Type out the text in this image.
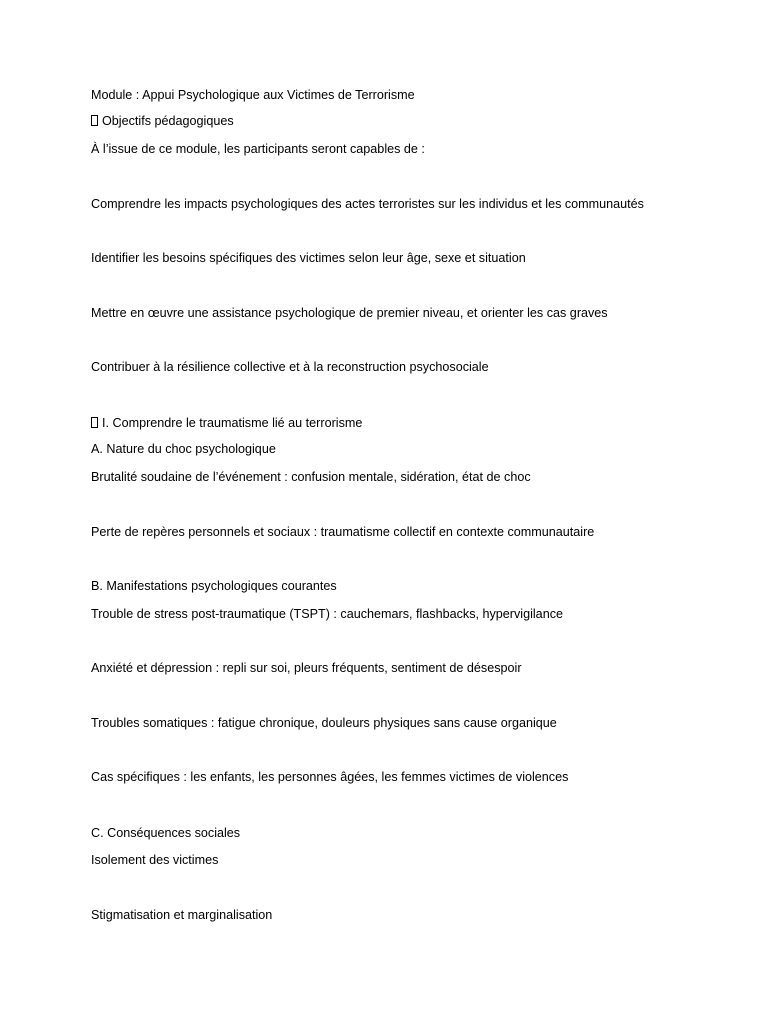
Module : Appui Psychologique aux Victimes de Terrorisme
Objectifs pédagogiques
À l’issue de ce module, les participants seront capables de :
Comprendre les impacts psychologiques des actes terroristes sur les individus et les communautés
Identifier les besoins spécifiques des victimes selon leur âge, sexe et situation
Mettre en œuvre une assistance psychologique de premier niveau, et orienter les cas graves
Contribuer à la résilience collective et à la reconstruction psychosociale
I. Comprendre le traumatisme lié au terrorisme
A. Nature du choc psychologique
Brutalité soudaine de l’événement : confusion mentale, sidération, état de choc
Perte de repères personnels et sociaux : traumatisme collectif en contexte communautaire
B. Manifestations psychologiques courantes
Trouble de stress post-traumatique (TSPT) : cauchemars, flashbacks, hypervigilance
Anxiété et dépression : repli sur soi, pleurs fréquents, sentiment de désespoir
Troubles somatiques : fatigue chronique, douleurs physiques sans cause organique
Cas spécifiques : les enfants, les personnes âgées, les femmes victimes de violences
C. Conséquences sociales
Isolement des victimes
Stigmatisation et marginalisation
